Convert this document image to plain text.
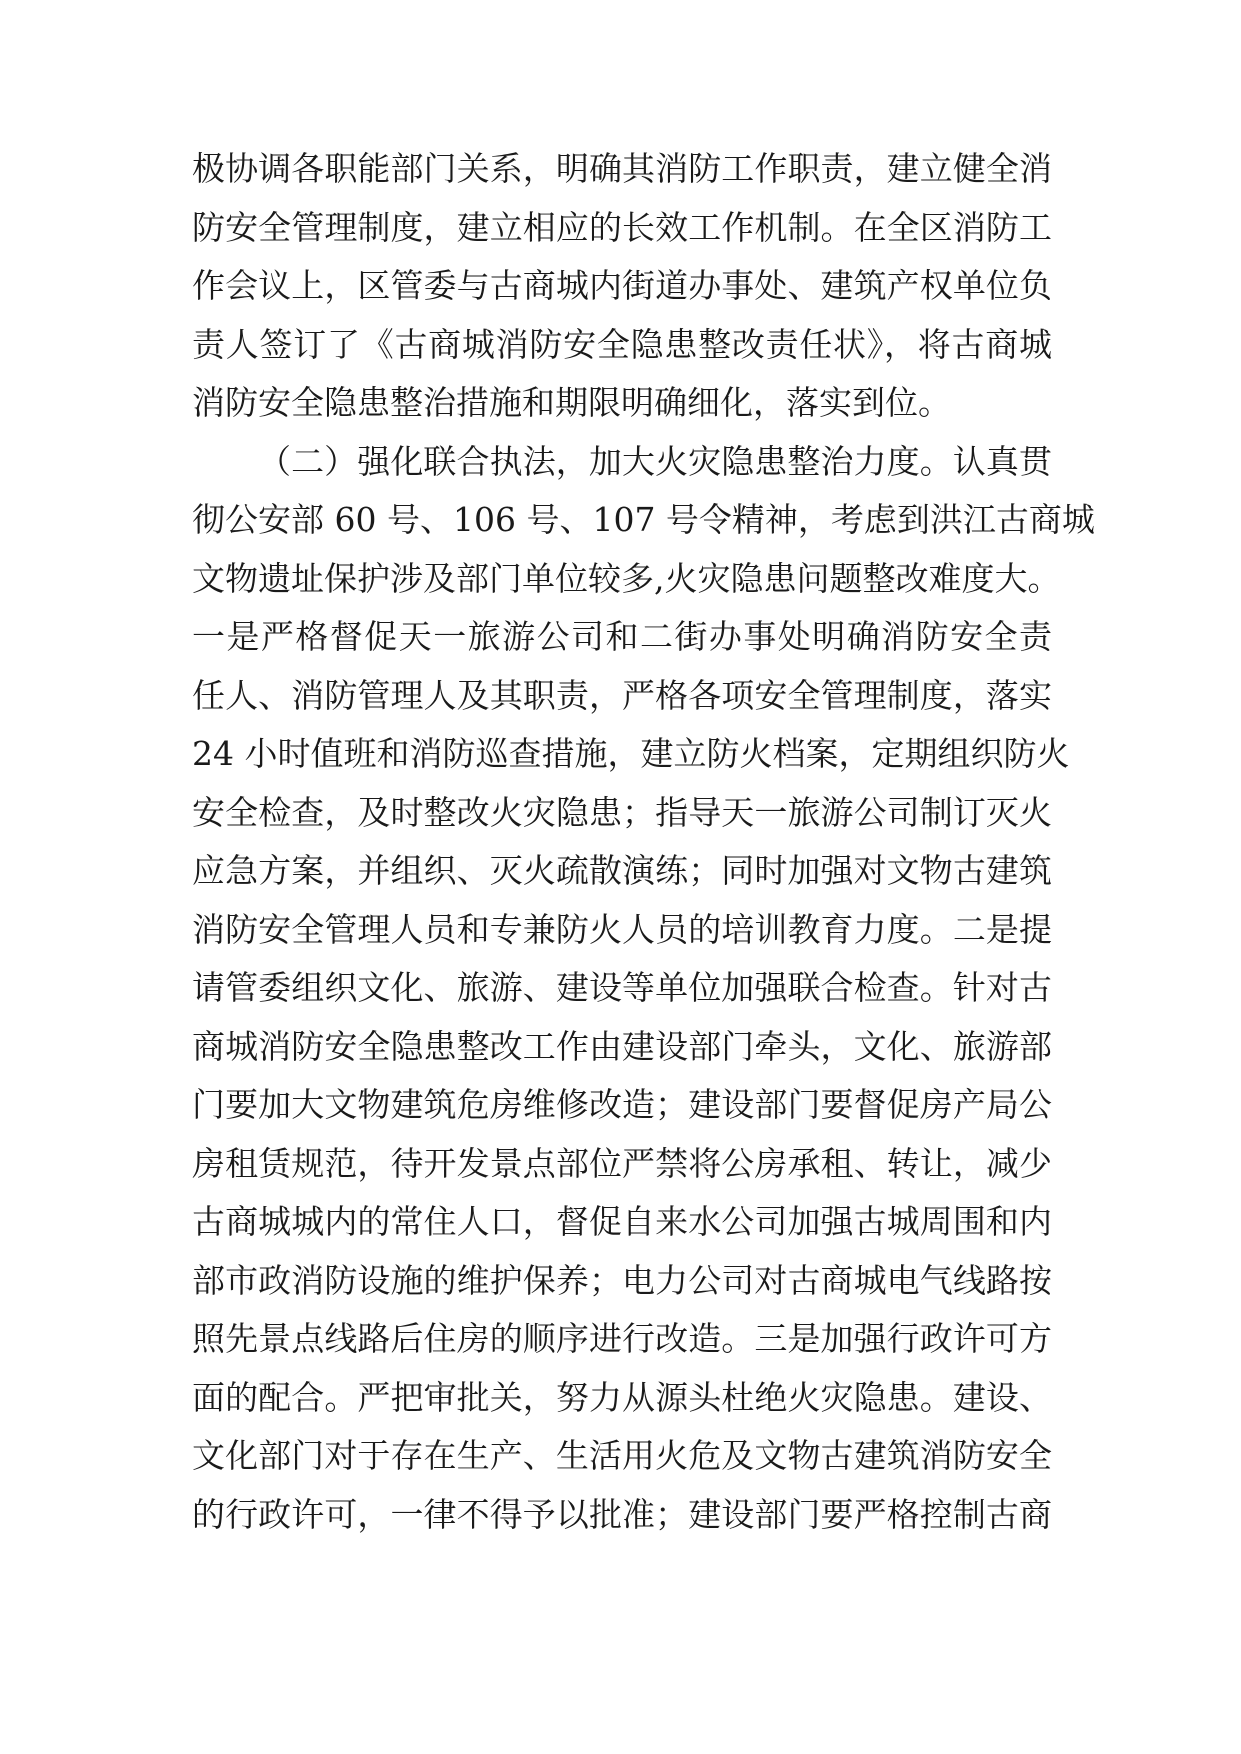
极协调各职能部门关系，明确其消防工作职责，建立健全消
防安全管理制度，建立相应的长效工作机制。在全区消防工
作会议上，区管委与古商城内街道办事处、建筑产权单位负
责人签订了《古商城消防安全隐患整改责任状》，将古商城
消防安全隐患整治措施和期限明确细化，落实到位。
（二）强化联合执法，加大火灾隐患整治力度。认真贯
彻公安部 60 号、106 号、107 号令精神，考虑到洪江古商城
文物遗址保护涉及部门单位较多,火灾隐患问题整改难度大。
一是严格督促天一旅游公司和二街办事处明确消防安全责
任人、消防管理人及其职责，严格各项安全管理制度，落实
24 小时值班和消防巡查措施，建立防火档案，定期组织防火
安全检查，及时整改火灾隐患；指导天一旅游公司制订灭火
应急方案，并组织、灭火疏散演练；同时加强对文物古建筑
消防安全管理人员和专兼防火人员的培训教育力度。二是提
请管委组织文化、旅游、建设等单位加强联合检查。针对古
商城消防安全隐患整改工作由建设部门牵头，文化、旅游部
门要加大文物建筑危房维修改造；建设部门要督促房产局公
房租赁规范，待开发景点部位严禁将公房承租、转让，减少
古商城城内的常住人口，督促自来水公司加强古城周围和内
部市政消防设施的维护保养；电力公司对古商城电气线路按
照先景点线路后住房的顺序进行改造。三是加强行政许可方
面的配合。严把审批关，努力从源头杜绝火灾隐患。建设、
文化部门对于存在生产、生活用火危及文物古建筑消防安全
的行政许可，一律不得予以批准；建设部门要严格控制古商
